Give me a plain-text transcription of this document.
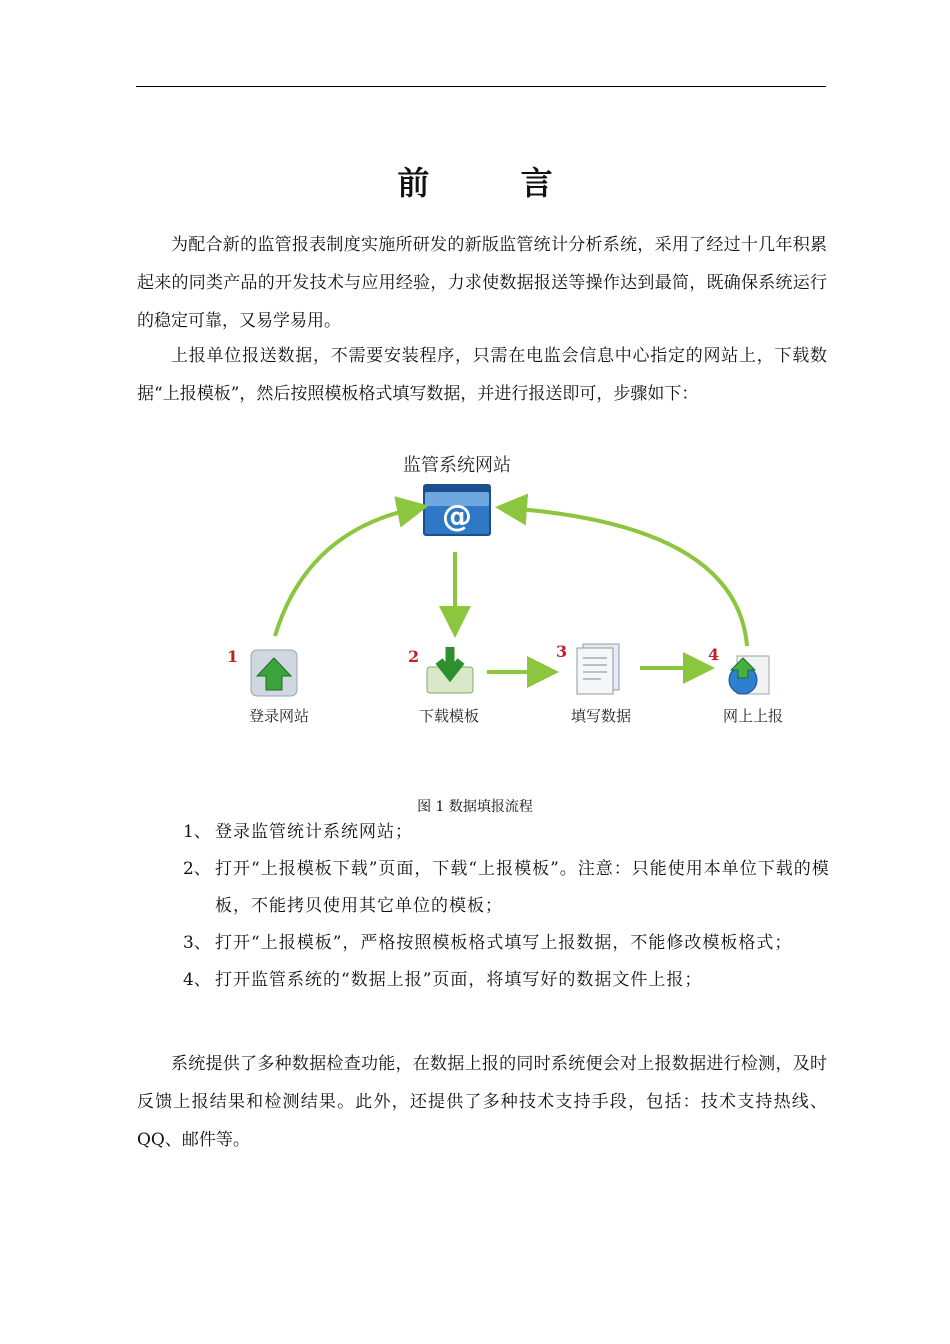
前 言

为配合新的监管报表制度实施所研发的新版监管统计分析系统，采用了经过十几年积累起来的同类产品的开发技术与应用经验，力求使数据报送等操作达到最简，既确保系统运行的稳定可靠，又易学易用。

上报单位报送数据，不需要安装程序，只需在电监会信息中心指定的网站上，下载数据“上报模板”，然后按照模板格式填写数据，并进行报送即可，步骤如下：

监管系统网站
@
1
登录网站
2
下载模板
3
填写数据
4
网上上报
图 1 数据填报流程
1、 登录监管统计系统网站；
2、 打开“上报模板下载”页面，下载“上报模板”。注意：只能使用本单位下载的模板，不能拷贝使用其它单位的模板；
3、 打开“上报模板”，严格按照模板格式填写上报数据，不能修改模板格式；
4、 打开监管系统的“数据上报”页面，将填写好的数据文件上报；

系统提供了多种数据检查功能，在数据上报的同时系统便会对上报数据进行检测，及时反馈上报结果和检测结果。此外，还提供了多种技术支持手段，包括：技术支持热线、QQ、邮件等。
